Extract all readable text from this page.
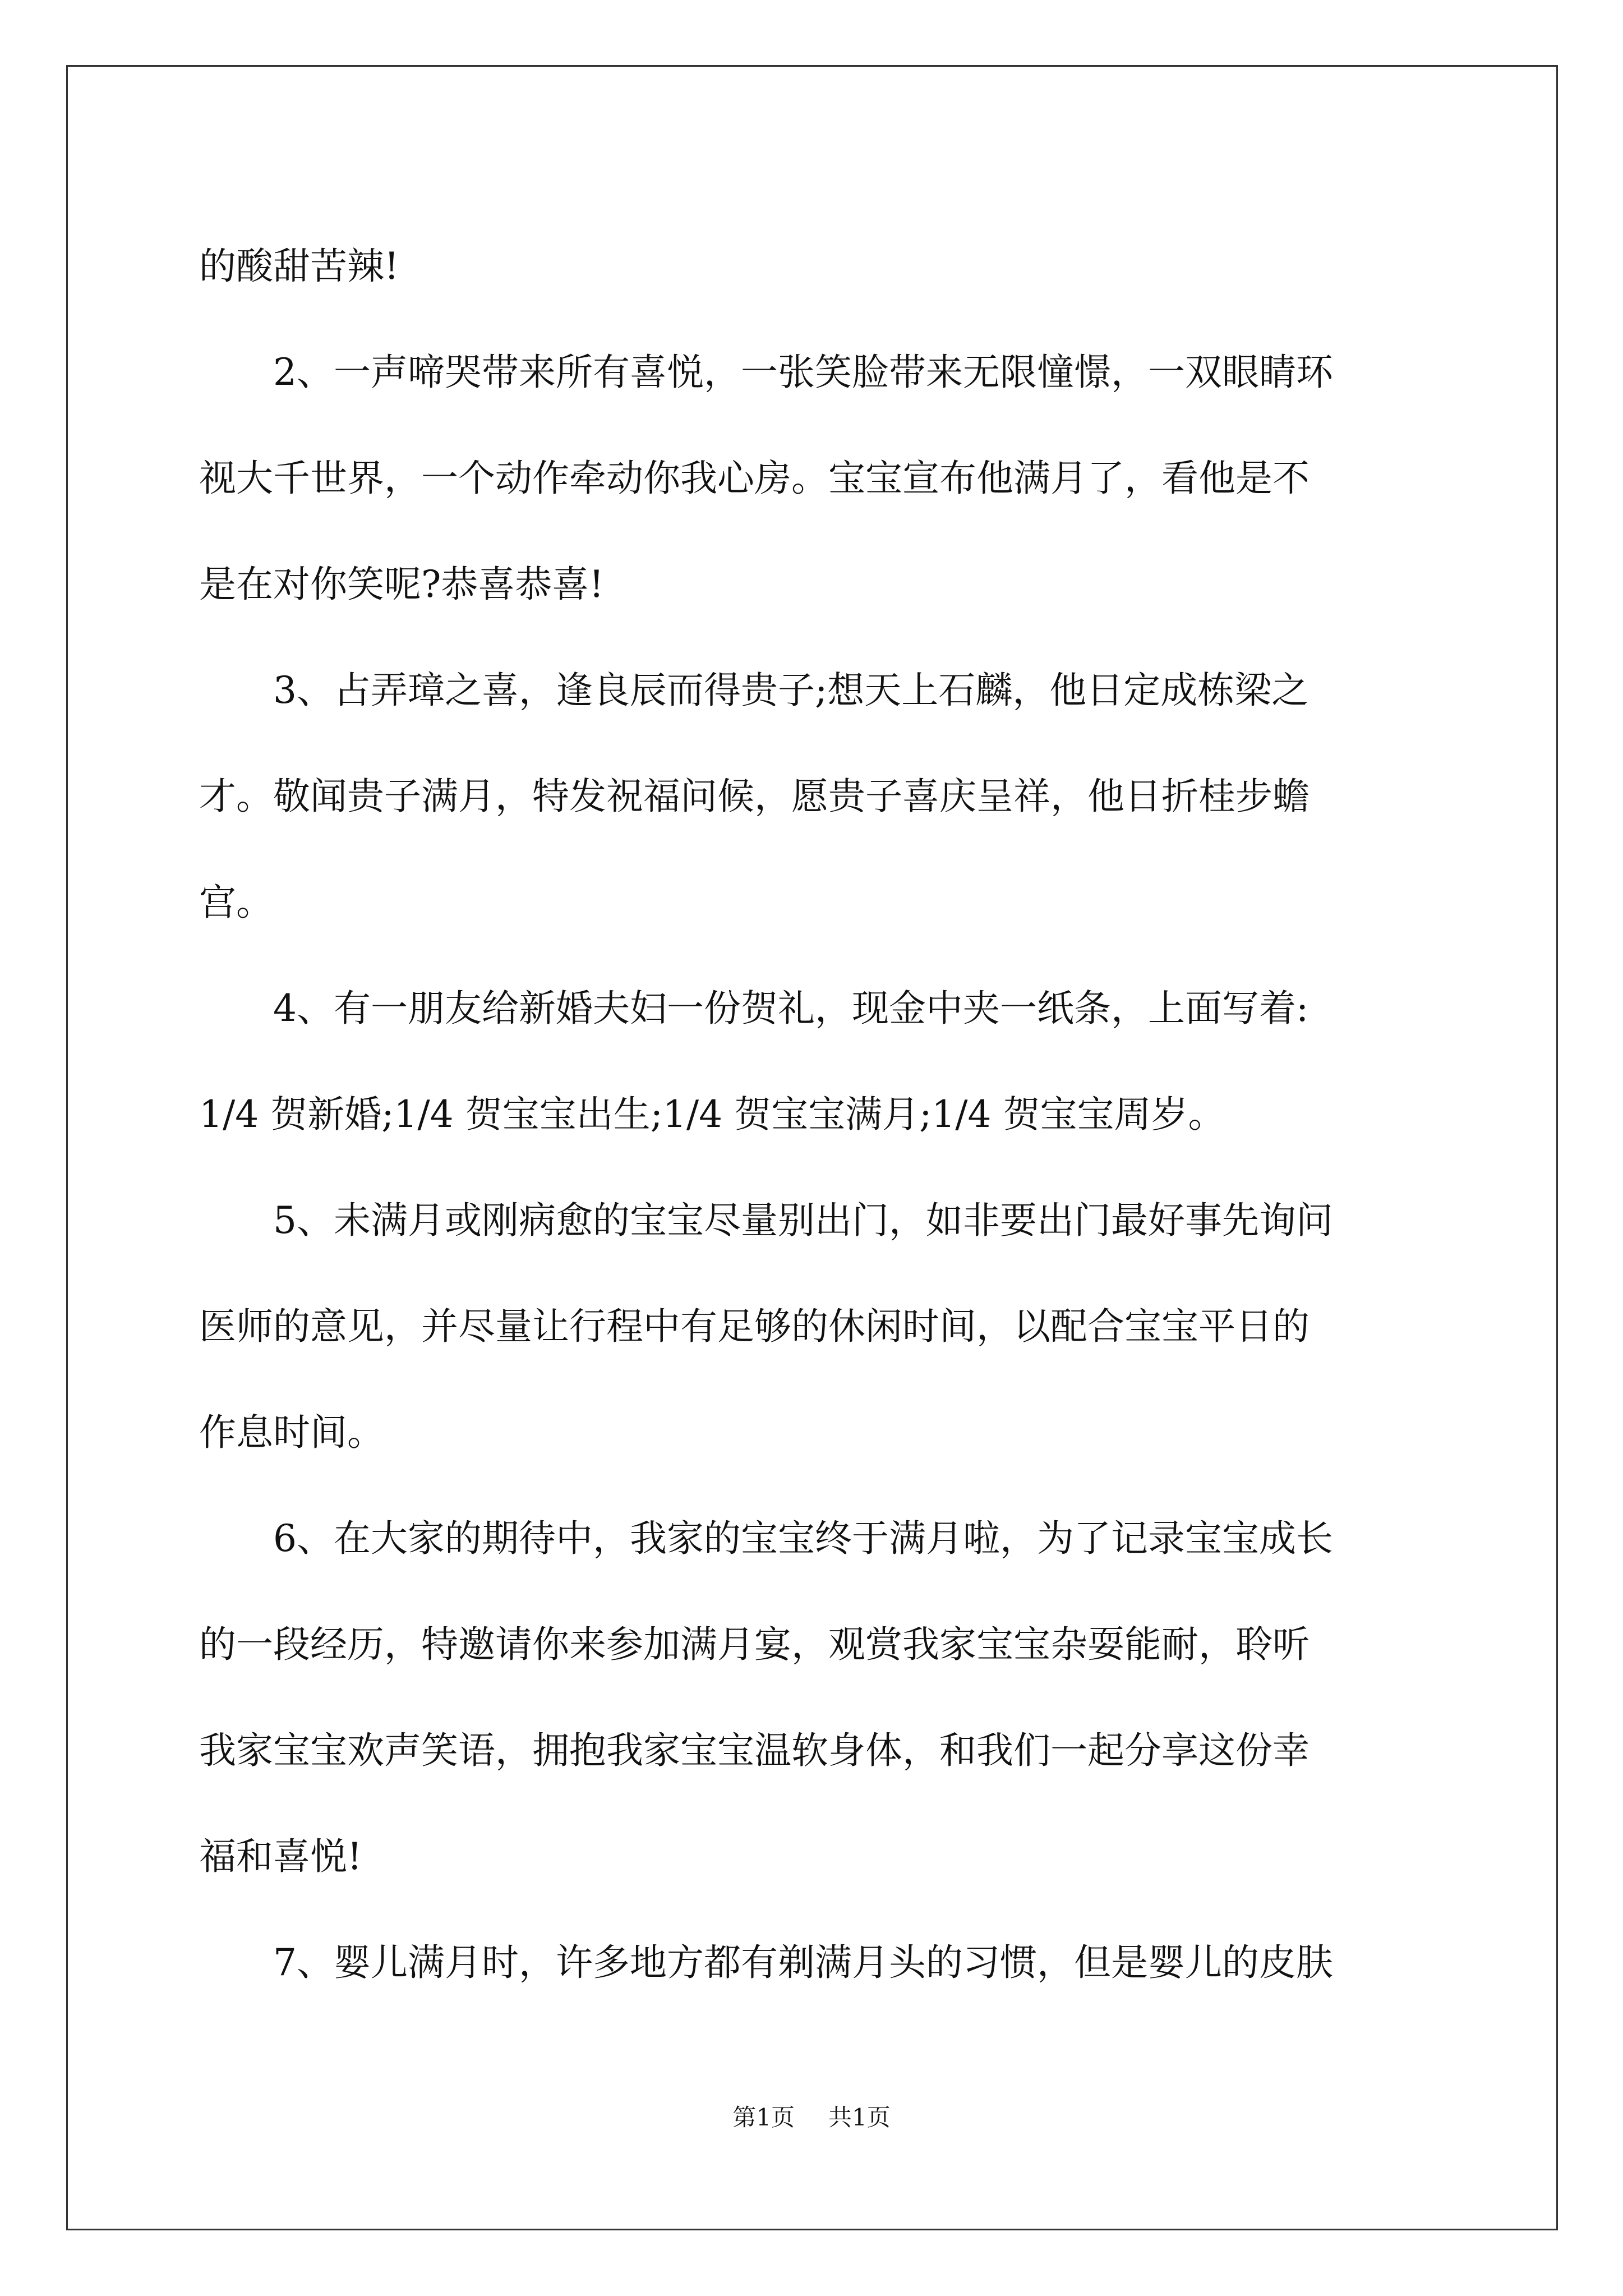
的酸甜苦辣!
2、一声啼哭带来所有喜悦，一张笑脸带来无限憧憬，一双眼睛环
视大千世界，一个动作牵动你我心房。宝宝宣布他满月了，看他是不
是在对你笑呢?恭喜恭喜!
3、占弄璋之喜，逢良辰而得贵子;想天上石麟，他日定成栋梁之
才。敬闻贵子满月，特发祝福问候，愿贵子喜庆呈祥，他日折桂步蟾
宫。
4、有一朋友给新婚夫妇一份贺礼，现金中夹一纸条，上面写着:
1/4 贺新婚;1/4 贺宝宝出生;1/4 贺宝宝满月;1/4 贺宝宝周岁。
5、未满月或刚病愈的宝宝尽量别出门，如非要出门最好事先询问
医师的意见，并尽量让行程中有足够的休闲时间，以配合宝宝平日的
作息时间。
6、在大家的期待中，我家的宝宝终于满月啦，为了记录宝宝成长
的一段经历，特邀请你来参加满月宴，观赏我家宝宝杂耍能耐，聆听
我家宝宝欢声笑语，拥抱我家宝宝温软身体，和我们一起分享这份幸
福和喜悦!
7、婴儿满月时，许多地方都有剃满月头的习惯，但是婴儿的皮肤
第1页 共1页
